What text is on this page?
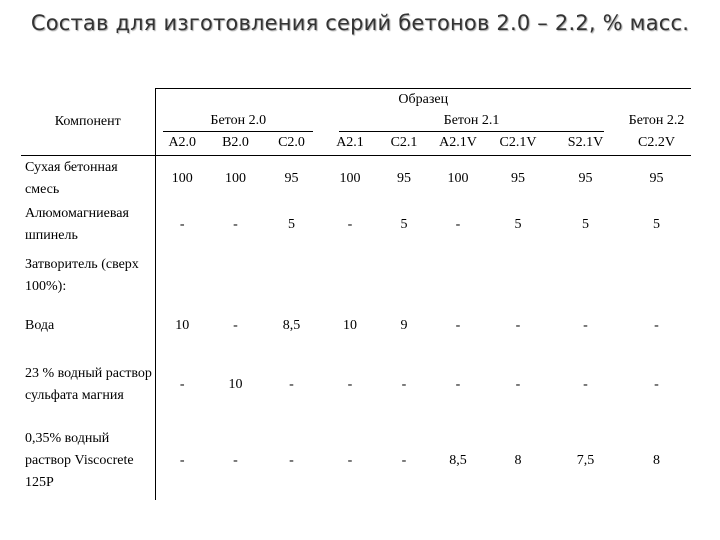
Состав для изготовления серий бетонов 2.0 – 2.2, % масс.
Компонент	Образец								
	Бетон 2.0			Бетон 2.1					Бетон 2.2
	A2.0	B2.0	C2.0	A2.1	C2.1	A2.1V	C2.1V	S2.1V	C2.2V
Сухая бетонная смесь	100	100	95	100	95	100	95	95	95
Алюмомагниевая шпинель	-	-	5	-	5	-	5	5	5
Затворитель (сверх 100%):									
Вода	10	-	8,5	10	9	-	-	-	-
23 % водный раствор сульфата магния	-	10	-	-	-	-	-	-	-
0,35% водный раствор Viscocrete 125P	-	-	-	-	-	8,5	8	7,5	8
